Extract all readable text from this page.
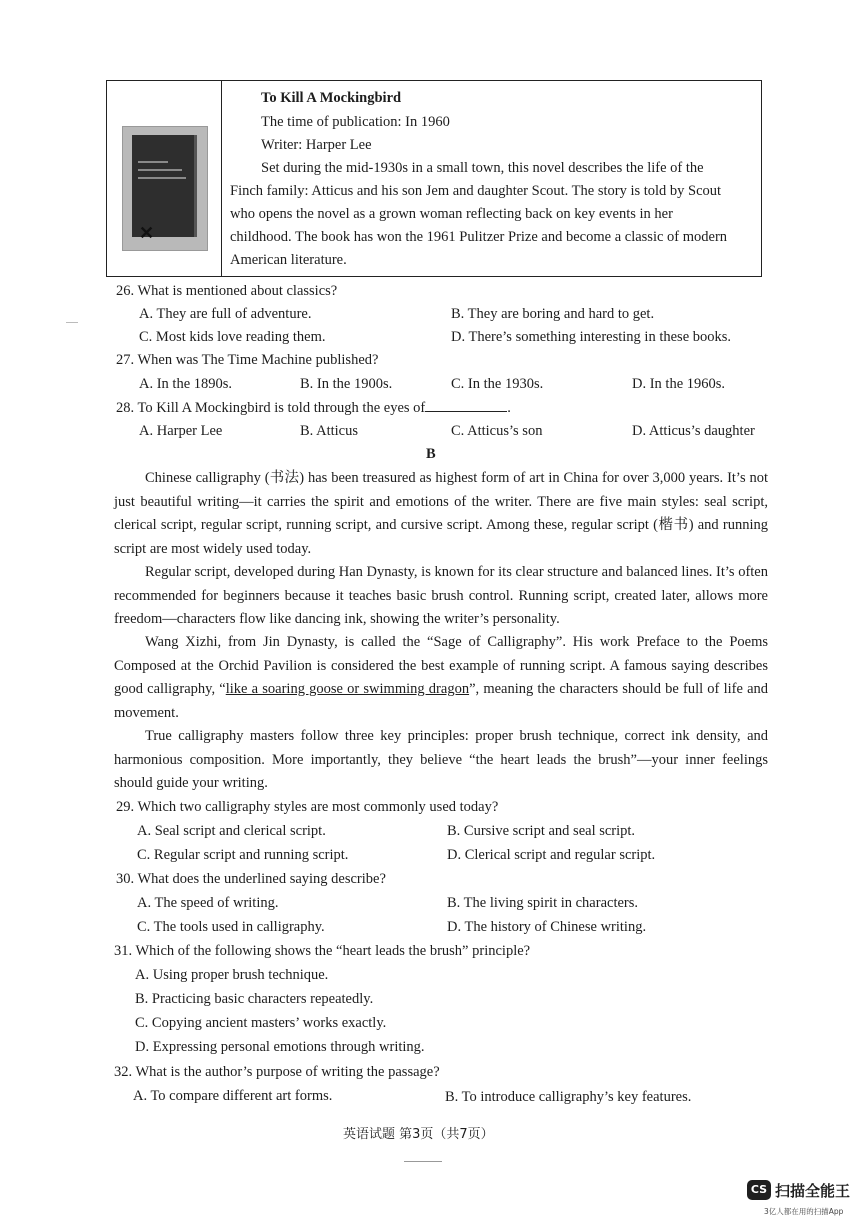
✕
To Kill A Mockingbird
The time of publication: In 1960
Writer: Harper Lee
Set during the mid-1930s in a small town, this novel describes the life of the
Finch family: Atticus and his son Jem and daughter Scout. The story is told by Scout
who opens the novel as a grown woman reflecting back on key events in her
childhood. The book has won the 1961 Pulitzer Prize and become a classic of modern
American literature.
26. What is mentioned about classics?
A. They are full of adventure.	B. They are boring and hard to get.
C. Most kids love reading them.	D. There’s something interesting in these books.
27. When was The Time Machine published?
A. In the 1890s.	B. In the 1900s.	C. In the 1930s.	D. In the 1960s.
28. To Kill A Mockingbird is told through the eyes of	.
A. Harper Lee	B. Atticus	C. Atticus’s son	D. Atticus’s daughter
B
Chinese calligraphy (书法) has been treasured as highest form of art in China for over 3,000 years. It’s not just beautiful writing—it carries the spirit and emotions of the writer. There are five main styles: seal script, clerical script, regular script, running script, and cursive script. Among these, regular script (楷书) and running script are most widely used today.
Regular script, developed during Han Dynasty, is known for its clear structure and balanced lines. It’s often recommended for beginners because it teaches basic brush control. Running script, created later, allows more freedom—characters flow like dancing ink, showing the writer’s personality.
Wang Xizhi, from Jin Dynasty, is called the “Sage of Calligraphy”. His work Preface to the Poems Composed at the Orchid Pavilion is considered the best example of running script. A famous saying describes good calligraphy, “like a soaring goose or swimming dragon”, meaning the characters should be full of life and movement.
True calligraphy masters follow three key principles: proper brush technique, correct ink density, and harmonious composition. More importantly, they believe “the heart leads the brush”—your inner feelings should guide your writing.
29. Which two calligraphy styles are most commonly used today?
A. Seal script and clerical script.	B. Cursive script and seal script.
C. Regular script and running script.	D. Clerical script and regular script.
30. What does the underlined saying describe?
A. The speed of writing.	B. The living spirit in characters.
C. The tools used in calligraphy.	D. The history of Chinese writing.
31. Which of the following shows the “heart leads the brush” principle?
A. Using proper brush technique.
B. Practicing basic characters repeatedly.
C. Copying ancient masters’ works exactly.
D. Expressing personal emotions through writing.
32. What is the author’s purpose of writing the passage?
A. To compare different art forms.	B. To introduce calligraphy’s key features.
英语试题 第3页（共7页）
CS 扫描全能王
3亿人都在用的扫描App
